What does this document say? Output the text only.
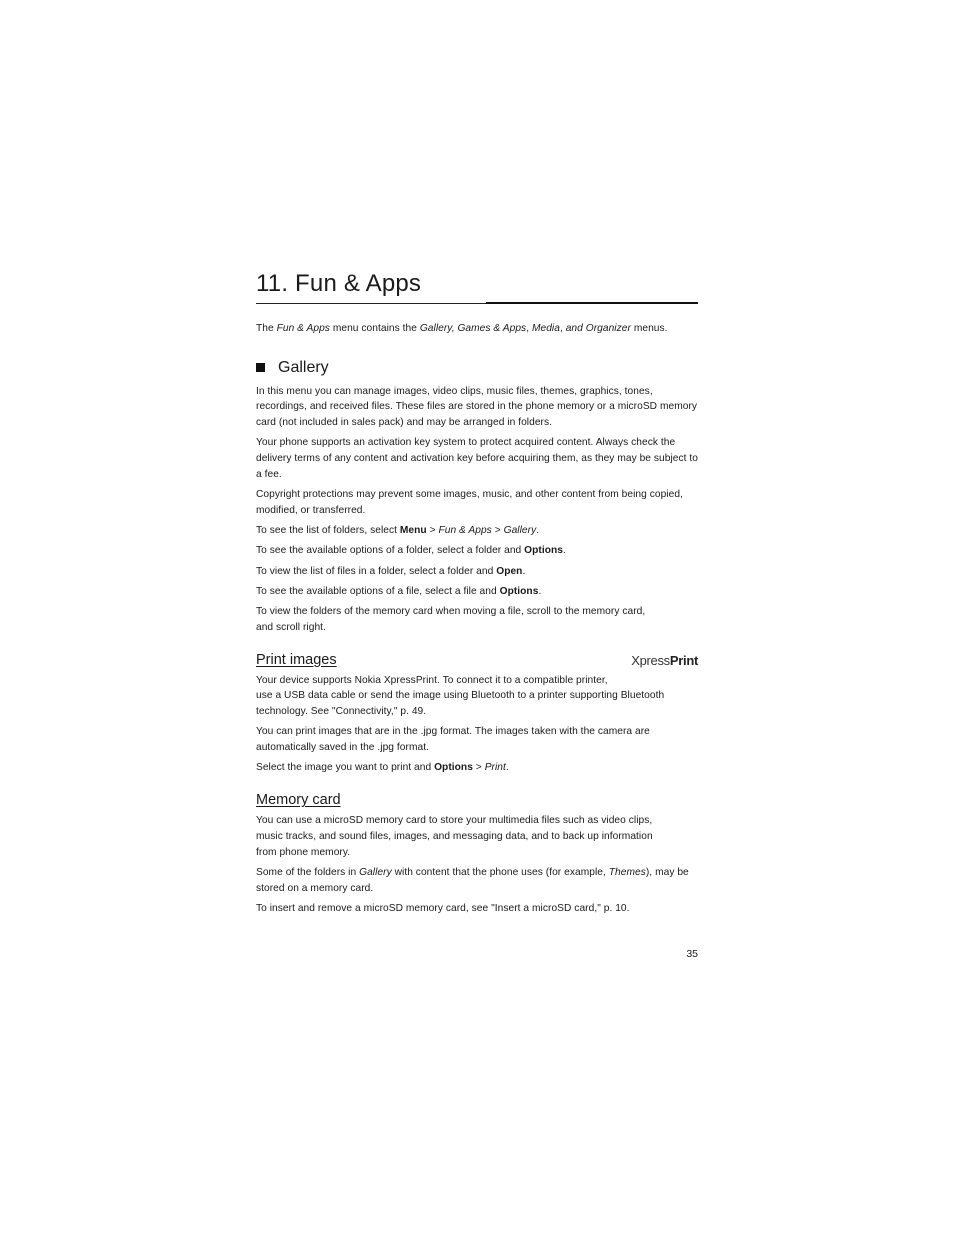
11. Fun & Apps

The Fun & Apps menu contains the Gallery, Games & Apps, Media, and Organizer menus.

Gallery

In this menu you can manage images, video clips, music files, themes, graphics, tones, recordings, and received files. These files are stored in the phone memory or a microSD memory card (not included in sales pack) and may be arranged in folders.

Your phone supports an activation key system to protect acquired content. Always check the delivery terms of any content and activation key before acquiring them, as they may be subject to a fee.

Copyright protections may prevent some images, music, and other content from being copied, modified, or transferred.

To see the list of folders, select Menu > Fun & Apps > Gallery.

To see the available options of a folder, select a folder and Options.

To view the list of files in a folder, select a folder and Open.

To see the available options of a file, select a file and Options.

To view the folders of the memory card when moving a file, scroll to the memory card,
and scroll right.

Print images	XpressPrint

Your device supports Nokia XpressPrint. To connect it to a compatible printer,
use a USB data cable or send the image using Bluetooth to a printer supporting Bluetooth technology. See "Connectivity," p. 49.

You can print images that are in the .jpg format. The images taken with the camera are automatically saved in the .jpg format.

Select the image you want to print and Options > Print.

Memory card

You can use a microSD memory card to store your multimedia files such as video clips,
music tracks, and sound files, images, and messaging data, and to back up information
from phone memory.

Some of the folders in Gallery with content that the phone uses (for example, Themes), may be stored on a memory card.

To insert and remove a microSD memory card, see "Insert a microSD card," p. 10.

35
